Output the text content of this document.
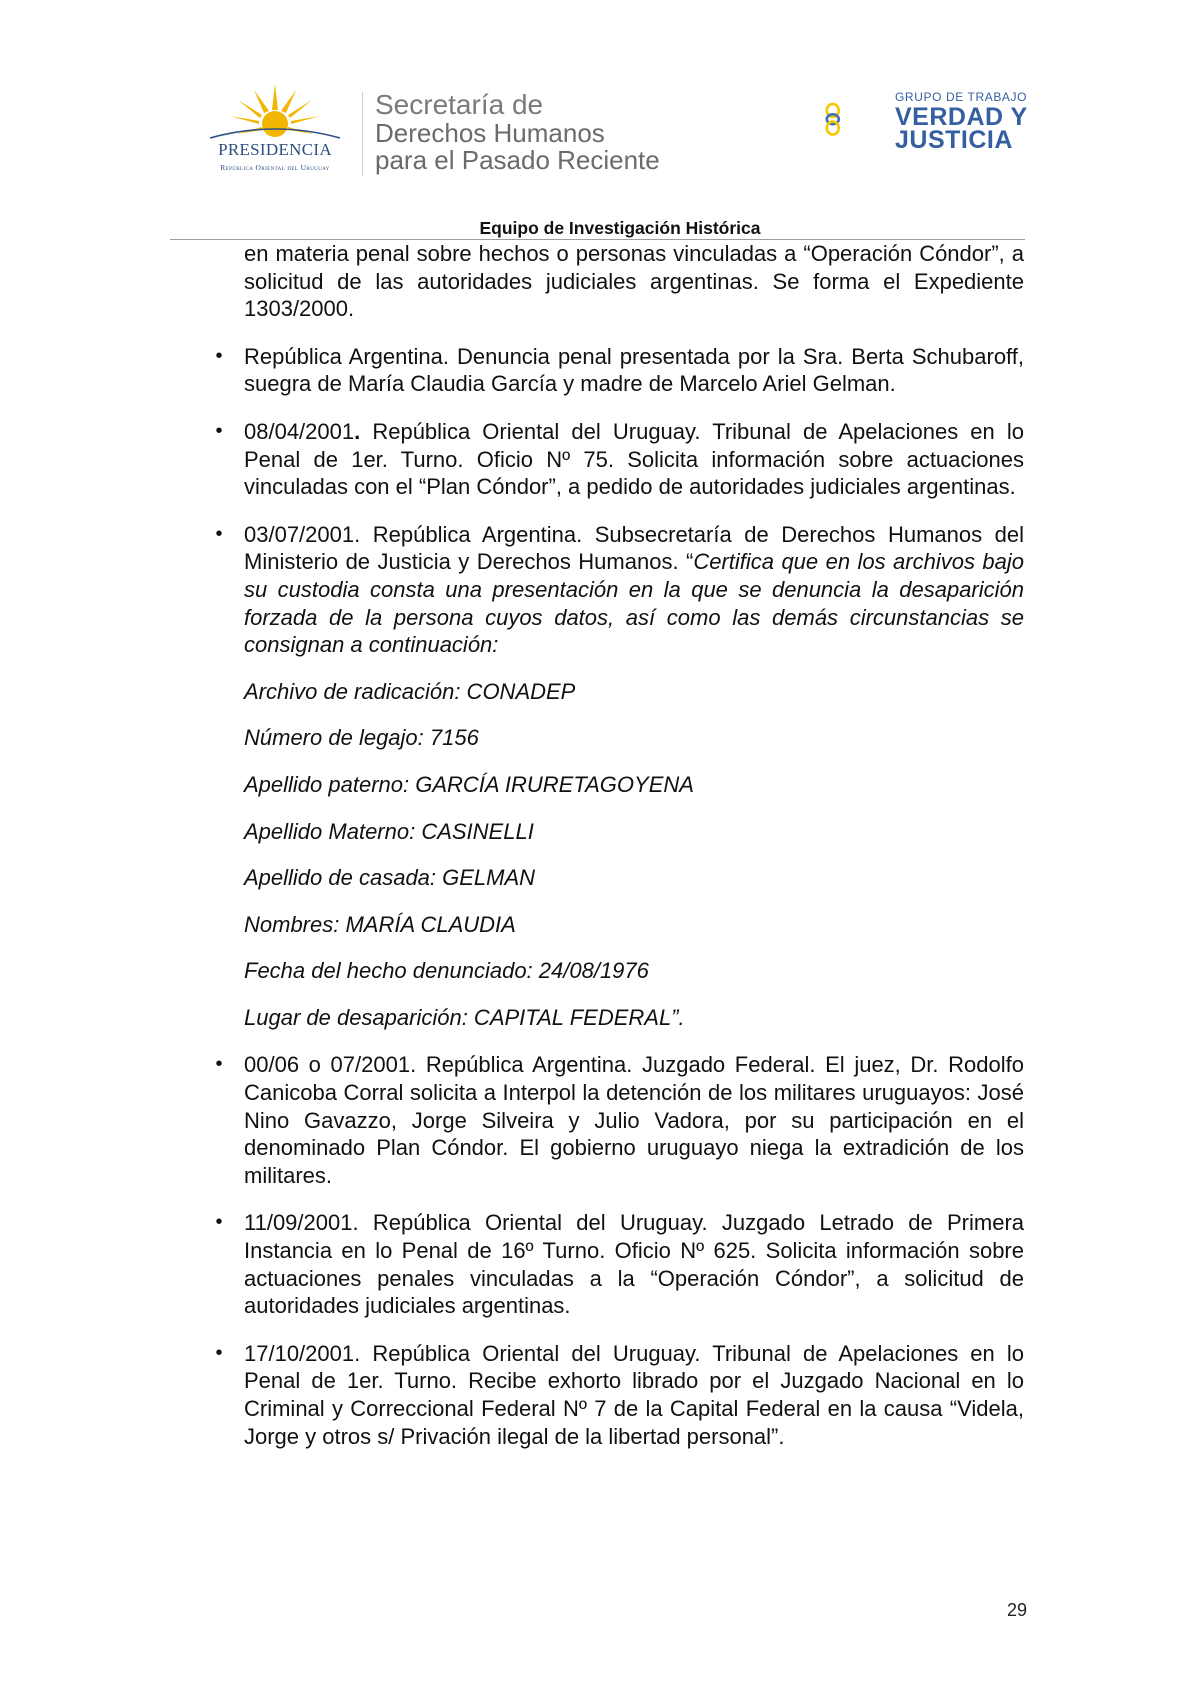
PRESIDENCIA
República Oriental del Uruguay
Secretaría de
Derechos Humanos
para el Pasado Reciente
GRUPO DE TRABAJO
VERDAD Y
JUSTICIA
Equipo de Investigación Histórica

en materia penal sobre hechos o personas vinculadas a “Operación Cóndor”, a solicitud de las autoridades judiciales argentinas. Se forma el Expediente 1303/2000.

• República Argentina. Denuncia penal presentada por la Sra. Berta Schubaroff, suegra de María Claudia García y madre de Marcelo Ariel Gelman.

• 08/04/2001. República Oriental del Uruguay. Tribunal de Apelaciones en lo Penal de 1er. Turno. Oficio Nº 75. Solicita información sobre actuaciones vinculadas con el “Plan Cóndor”, a pedido de autoridades judiciales argentinas.

• 03/07/2001. República Argentina. Subsecretaría de Derechos Humanos del Ministerio de Justicia y Derechos Humanos. “Certifica que en los archivos bajo su custodia consta una presentación en la que se denuncia la desaparición forzada de la persona cuyos datos, así como las demás circunstancias se consignan a continuación:

Archivo de radicación: CONADEP

Número de legajo: 7156

Apellido paterno: GARCÍA IRURETAGOYENA

Apellido Materno: CASINELLI

Apellido de casada: GELMAN

Nombres: MARÍA CLAUDIA

Fecha del hecho denunciado: 24/08/1976

Lugar de desaparición: CAPITAL FEDERAL”.

• 00/06 o 07/2001. República Argentina. Juzgado Federal. El juez, Dr. Rodolfo Canicoba Corral solicita a Interpol la detención de los militares uruguayos: José Nino Gavazzo, Jorge Silveira y Julio Vadora, por su participación en el denominado Plan Cóndor. El gobierno uruguayo niega la extradición de los militares.

• 11/09/2001. República Oriental del Uruguay. Juzgado Letrado de Primera Instancia en lo Penal de 16º Turno. Oficio Nº 625. Solicita información sobre actuaciones penales vinculadas a la “Operación Cóndor”, a solicitud de autoridades judiciales argentinas.

• 17/10/2001. República Oriental del Uruguay. Tribunal de Apelaciones en lo Penal de 1er. Turno. Recibe exhorto librado por el Juzgado Nacional en lo Criminal y Correccional Federal Nº 7 de la Capital Federal en la causa “Videla, Jorge y otros s/ Privación ilegal de la libertad personal”.

29
